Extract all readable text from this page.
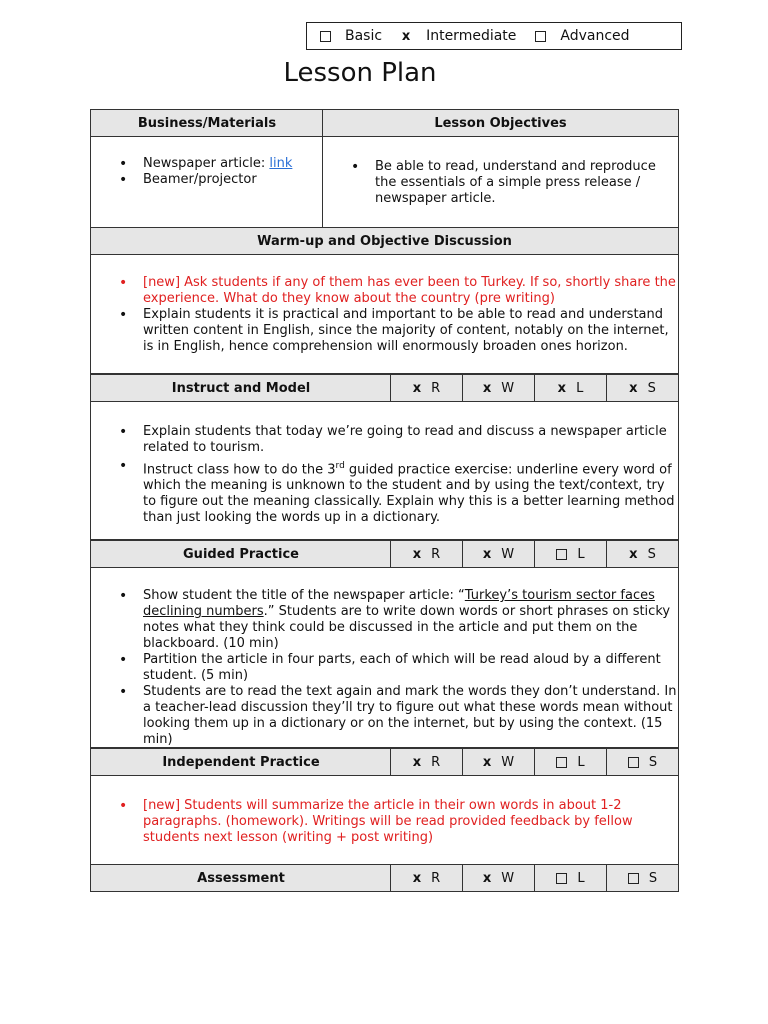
Basic x Intermediate	Advanced
Lesson Plan
Business/Materials	Lesson Objectives
• Newspaper article: link
• Beamer/projector
• Be able to read, understand and reproduce the essentials of a simple press release / newspaper article.
Warm-up and Objective Discussion
• [new] Ask students if any of them has ever been to Turkey. If so, shortly share the experience. What do they know about the country (pre writing)
• Explain students it is practical and important to be able to read and understand written content in English, since the majority of content, notably on the internet, is in English, hence comprehension will enormously broaden ones horizon.
Instruct and Model	x R	x W	x L	x S
• Explain students that today we’re going to read and discuss a newspaper article related to tourism.
• Instruct class how to do the 3rd guided practice exercise: underline every word of which the meaning is unknown to the student and by using the text/context, try to figure out the meaning classically. Explain why this is a better learning method than just looking the words up in a dictionary.
Guided Practice	x R	x W	L	x S
• Show student the title of the newspaper article: “Turkey’s tourism sector faces declining numbers.” Students are to write down words or short phrases on sticky notes what they think could be discussed in the article and put them on the blackboard. (10 min)
• Partition the article in four parts, each of which will be read aloud by a different student. (5 min)
• Students are to read the text again and mark the words they don’t understand. In a teacher-lead discussion they’ll try to figure out what these words mean without looking them up in a dictionary or on the internet, but by using the context. (15 min)
Independent Practice	x R	x W	L	S
• [new] Students will summarize the article in their own words in about 1-2 paragraphs. (homework). Writings will be read provided feedback by fellow students next lesson (writing + post writing)
Assessment	x R	x W	L	S
